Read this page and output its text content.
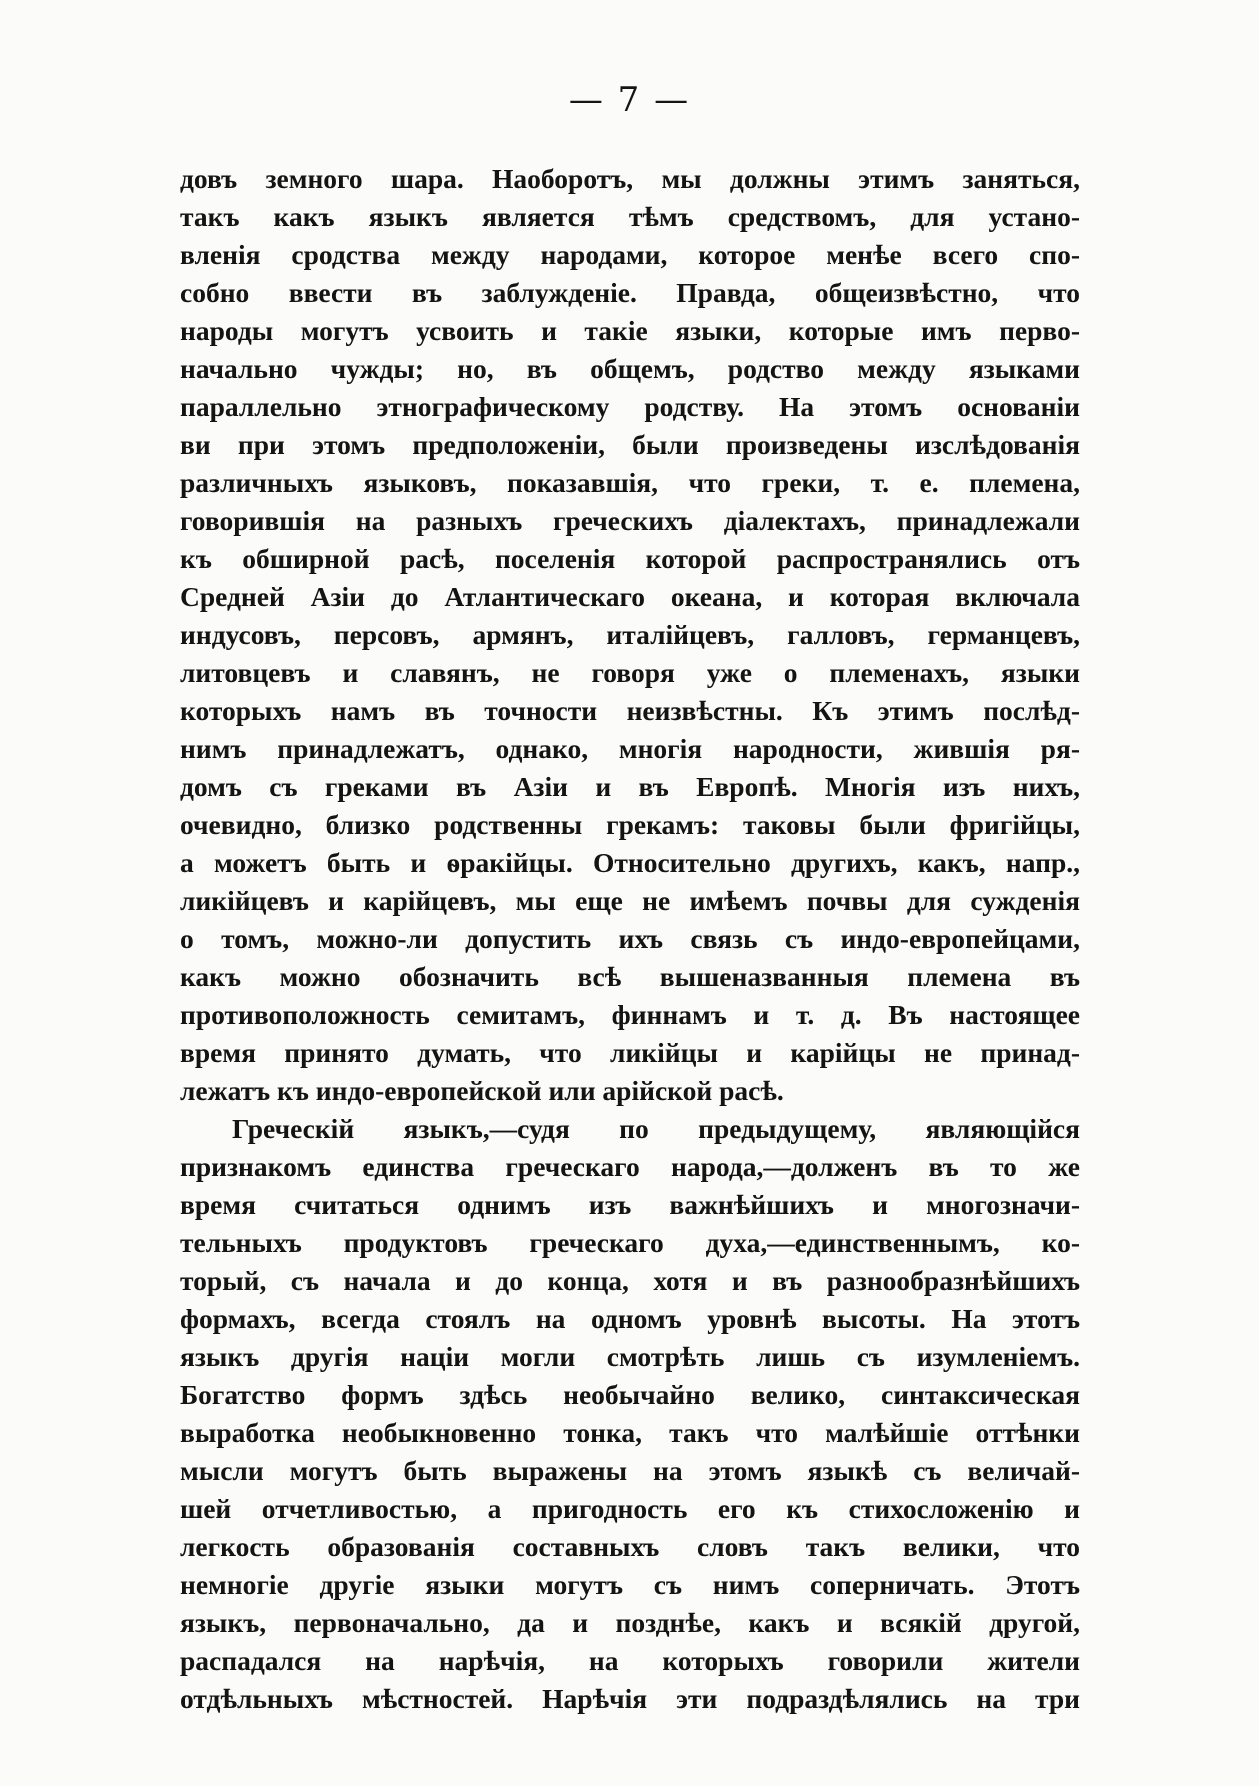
— 7 —
довъ земного шара. Наоборотъ, мы должны этимъ заняться,
такъ какъ языкъ является тѣмъ средствомъ, для устано-
вленія сродства между народами, которое менѣе всего спо-
собно ввести въ заблужденіе. Правда, общеизвѣстно, что
народы могутъ усвоить и такіе языки, которые имъ перво-
начально чужды; но, въ общемъ, родство между языками
параллельно этнографическому родству. На этомъ основаніи
ви при этомъ предположеніи, были произведены изслѣдованія
различныхъ языковъ, показавшія, что греки, т. е. племена,
говорившія на разныхъ греческихъ діалектахъ, принадлежали
къ обширной расѣ, поселенія которой распространялись отъ
Средней Азіи до Атлантическаго океана, и которая включала
индусовъ, персовъ, армянъ, италійцевъ, галловъ, германцевъ,
литовцевъ и славянъ, не говоря уже о племенахъ, языки
которыхъ намъ въ точности неизвѣстны. Къ этимъ послѣд-
нимъ принадлежатъ, однако, многія народности, жившія ря-
домъ съ греками въ Азіи и въ Европѣ. Многія изъ нихъ,
очевидно, близко родственны грекамъ: таковы были фригійцы,
а можетъ быть и ѳракійцы. Относительно другихъ, какъ, напр.,
ликійцевъ и карійцевъ, мы еще не имѣемъ почвы для сужденія
о томъ, можно-ли допустить ихъ связь съ индо-европейцами,
какъ можно обозначить всѣ вышеназванныя племена въ
противоположность семитамъ, финнамъ и т. д. Въ настоящее
время принято думать, что ликійцы и карійцы не принад-
лежатъ къ индо-европейской или арійской расѣ.
Греческій языкъ,—судя по предыдущему, являющійся
признакомъ единства греческаго народа,—долженъ въ то же
время считаться однимъ изъ важнѣйшихъ и многозначи-
тельныхъ продуктовъ греческаго духа,—единственнымъ, ко-
торый, съ начала и до конца, хотя и въ разнообразнѣйшихъ
формахъ, всегда стоялъ на одномъ уровнѣ высоты. На этотъ
языкъ другія націи могли смотрѣть лишь съ изумленіемъ.
Богатство формъ здѣсь необычайно велико, синтаксическая
выработка необыкновенно тонка, такъ что малѣйшіе оттѣнки
мысли могутъ быть выражены на этомъ языкѣ съ величай-
шей отчетливостью, а пригодность его къ стихосложенію и
легкость образованія составныхъ словъ такъ велики, что
немногіе другіе языки могутъ съ нимъ соперничать. Этотъ
языкъ, первоначально, да и позднѣе, какъ и всякій другой,
распадался на нарѣчія, на которыхъ говорили жители
отдѣльныхъ мѣстностей. Нарѣчія эти подраздѣлялись на три
